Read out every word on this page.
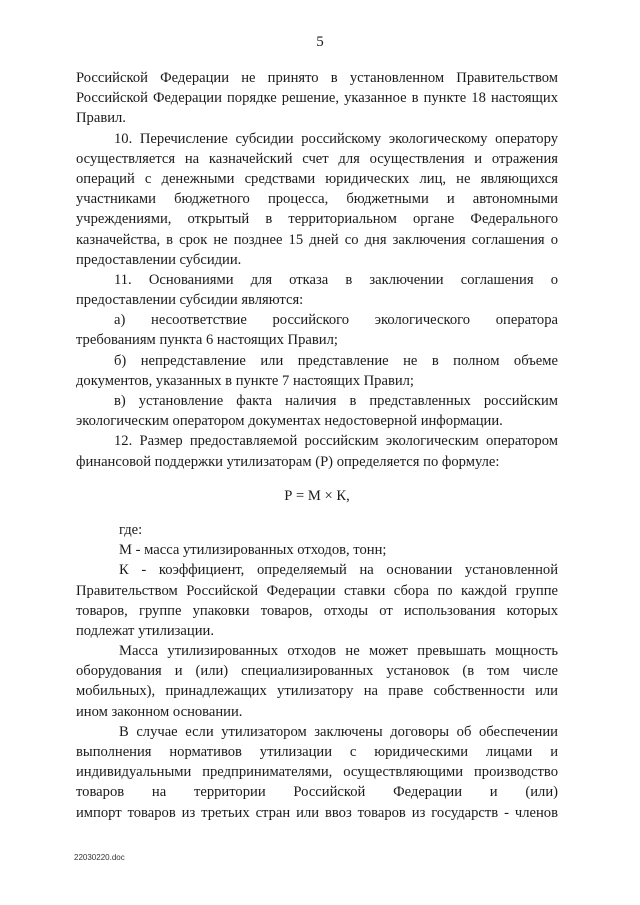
5
Российской Федерации не принято в установленном Правительством
Российской Федерации порядке решение, указанное в пункте 18 настоящих
Правил.
10. Перечисление субсидии российскому экологическому оператору
осуществляется на казначейский счет для осуществления и отражения
операций с денежными средствами юридических лиц, не являющихся
участниками бюджетного процесса, бюджетными и автономными
учреждениями, открытый в территориальном органе Федерального
казначейства, в срок не позднее 15 дней со дня заключения соглашения о
предоставлении субсидии.
11. Основаниями для отказа в заключении соглашения о
предоставлении субсидии являются:
а) несоответствие российского экологического оператора
требованиям пункта 6 настоящих Правил;
б) непредставление или представление не в полном объеме
документов, указанных в пункте 7 настоящих Правил;
в) установление факта наличия в представленных российским
экологическим оператором документах недостоверной информации.
12. Размер предоставляемой российским экологическим оператором
финансовой поддержки утилизаторам (Р) определяется по формуле:
Р = М × К,
где:
М - масса утилизированных отходов, тонн;
К - коэффициент, определяемый на основании установленной
Правительством Российской Федерации ставки сбора по каждой группе
товаров, группе упаковки товаров, отходы от использования которых
подлежат утилизации.
Масса утилизированных отходов не может превышать мощность
оборудования и (или) специализированных установок (в том числе
мобильных), принадлежащих утилизатору на праве собственности или
ином законном основании.
В случае если утилизатором заключены договоры об обеспечении
выполнения нормативов утилизации с юридическими лицами и
индивидуальными предпринимателями, осуществляющими производство
товаров на территории Российской Федерации и (или)
импорт товаров из третьих стран или ввоз товаров из государств - членов
22030220.doc
